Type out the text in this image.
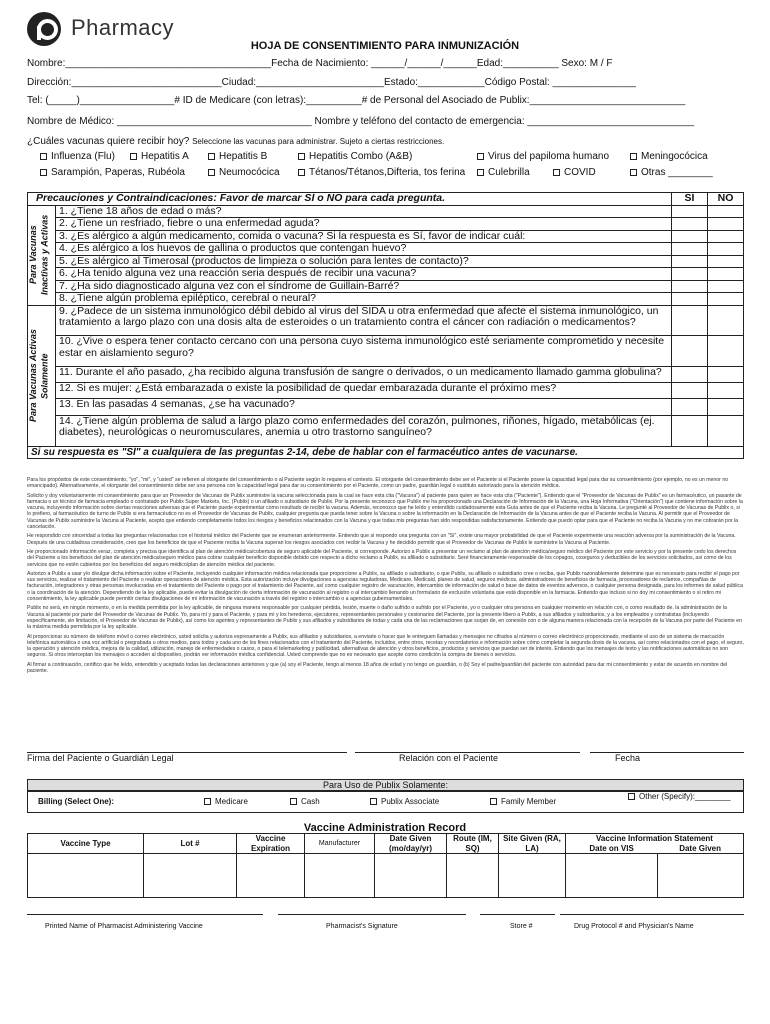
Pharmacy
HOJA DE CONSENTIMIENTO PARA INMUNIZACIÓN
Nombre:_____________________________________Fecha de Nacimiento: ______/______/______Edad:__________ Sexo: M / F
Dirección:___________________________Ciudad:_______________________Estado:____________Código Postal: _______________
Tel: (_____)_________________# ID de Medicare (con letras):__________# de Personal del Asociado de Publix:____________________________
Nombre de Médico: ___________________________________ Nombre y teléfono del contacto de emergencia: ______________________________
¿Cuáles vacunas quiere recibir hoy? Seleccione las vacunas para administrar. Sujeto a ciertas restricciones.
Influenza (Flu)	Hepatitis A	Hepatitis B	Hepatitis Combo (A&B)	Virus del papiloma humano	Meningocócica
Sarampión, Paperas, Rubéola	Neumocócica	Tétanos/Tétanos,Difteria, tos ferina	Culebrilla	COVID	Otras ________
Precauciones y Contraindicaciones: Favor de marcar SÍ o NO para cada pregunta.		SÍ	NO

Para Vacunas Inactivas y Activas	1. ¿Tiene 18 años de edad o más?		
	2. ¿Tiene un resfriado, fiebre o una enfermedad aguda?		
	3. ¿Es alérgico a algún medicamento, comida o vacuna? Si la respuesta es Sí, favor de indicar cuál:		
	4. ¿Es alérgico a los huevos de gallina o productos que contengan huevo?		
	5. ¿Es alérgico al Timerosal (productos de limpieza o solución para lentes de contacto)?		
	6. ¿Ha tenido alguna vez una reacción seria después de recibir una vacuna?		
	7. ¿Ha sido diagnosticado alguna vez con el síndrome de Guillain-Barré?		
	8. ¿Tiene algún problema epiléptico, cerebral o neural?		

Para Vacunas Activas Solamente	9. ¿Padece de un sistema inmunológico débil debido al virus del SIDA u otra enfermedad que afecte el sistema inmunológico, un tratamiento a largo plazo con una dosis alta de esteroides o un tratamiento contra el cáncer con radiación o medicamentos?		
	10. ¿Vive o espera tener contacto cercano con una persona cuyo sistema inmunológico esté seriamente comprometido y necesite estar en aislamiento seguro?		
	11. Durante el año pasado, ¿ha recibido alguna transfusión de sangre o derivados, o un medicamento llamado gamma globulina?		
	12. Si es mujer: ¿Está embarazada o existe la posibilidad de quedar embarazada durante el próximo mes?		
	13. En las pasadas 4 semanas, ¿se ha vacunado?		
	14. ¿Tiene algún problema de salud a largo plazo como enfermedades del corazón, pulmones, riñones, hígado, metabólicas (ej. diabetes), neurológicas o neuromusculares, anemia u otro trastorno sanguíneo?		
Si su respuesta es "SÍ" a cualquiera de las preguntas 2-14, debe de hablar con el farmacéutico antes de vacunarse.			

Para los propósitos de este consentimiento, "yo", "mi", y "usted" se refieren al otorgante del consentimiento o al Paciente según lo requiera el contexto. El otorgante del consentimiento debe ser el Paciente si el Paciente posee la capacidad legal para dar su consentimiento (por ejemplo, no es un menor no emancipado). Alternativamente, el otorgante del consentimiento debe ser una persona con la capacidad legal para dar su consentimiento por el Paciente, como un padre, guardián legal o sustituto autorizado para la atención médica.

Solicito y doy voluntariamente mi consentimiento para que un Proveedor de Vacunas de Publix suministre la vacuna seleccionada para la cual se hace esta cita ("Vacuna") al paciente para quien se hace esta cita ("Paciente"). Entiendo que el "Proveedor de Vacunas de Publix" es un farmacéutico, un pasante de farmacia o un técnico de farmacia empleado o contratado por Publix Super Markets, Inc. (Publix) o un afiliado o subsidiario de Publix. Por la presente reconozco que Publix me ha proporcionado una Declaración de Información de la Vacuna, una Hoja Informativa ("Orientación") que contiene información sobre la vacuna, incluyendo información sobre ciertas reacciones adversas que el Paciente puede experimentar como resultado de recibir la vacuna. Además, reconozco que he leído y entendido cuidadosamente esta Guía antes de que el Paciente reciba la Vacuna. Le pregunté al Proveedor de Vacunas de Publix o, si lo prefiero, al farmacéutico de turno de Publix si era farmacéutico no es el Proveedor de Vacunas de Publix, cualquier pregunta que pueda tener sobre la Vacuna o sobre la información en la Declaración de Información de la Vacuna antes de que el Paciente reciba la Vacuna. Al permitir que el Proveedor de Vacunas de Publix suministre la Vacuna al Paciente, acepto que entiendo completamente todos los riesgos y beneficios relacionados con la Vacuna y que todas mis preguntas han sido respondidas satisfactoriamente. Entiendo que puedo optar para que el Paciente no reciba la Vacuna y no me cobrarán por la cancelación.

He respondido con sinceridad a todas las preguntas relacionadas con el historial médico del Paciente que se enumeran anteriormente. Entiendo que si respondo una pregunta con un "Sí", existe una mayor probabilidad de que el Paciente experimente una reacción adversa por la suministración de la Vacuna. Después de una cuidadosa consideración, creo que los beneficios de que el Paciente reciba la Vacuna superan los riesgos asociados con recibir la Vacuna y he decidido permitir que el Proveedor de Vacunas de Publix le suministre la Vacuna al Paciente.

He proporcionado información veraz, completa y precisa que identifica al plan de atención médica/cobertura de seguro aplicable del Paciente, si corresponde. Autorizo a Publix a presentar un reclamo al plan de atención médica/seguro médico del Paciente por este servicio y por la presente cedo los derechos del Paciente a los beneficios del plan de atención médica/seguro médico para cobrar cualquier beneficio disponible debido con respecto a dicho reclamo a Publix, su afiliado o subsidiario. Seré financieramente responsable de los copagos, coseguros y deducibles de los servicios solicitados, así como de los servicios que no estén cubiertos por los beneficios del seguro médico/plan de atención médica del paciente.

Autorizo a Publix a usar y/o divulgar dicha información sobre el Paciente, incluyendo cualquier información médica relacionada que proporcione a Publix, su afiliado o subsidiario, o que Publix, su afiliado o subsidiario cree o reciba, que Publix razonablemente determine que es necesario para recibir el pago por sus servicios, realizar el tratamiento del Paciente o realizar operaciones de atención médica. Esta autorización incluye divulgaciones a agencias reguladoras, Medicare, Medicaid, planes de salud, seguros médicos, administradores de beneficios de farmacia, procesadores de reclamos, compañías de facturación, integradores y otras personas involucradas en el tratamiento del Paciente o pago por el tratamiento del Paciente, así como cualquier registro de vacunación, intercambio de información de salud o base de datos de eventos adversos, o cualquier persona designada, para los informes de salud pública o la coordinación de la atención. Dependiendo de la ley aplicable, puede evitar la divulgación de cierta información de vacunación al registro o al intercambio llenando un formulario de exclusión voluntaria que está disponible en la farmacia. Entiendo que incluso si no doy mi consentimiento o si retiro mi consentimiento, la ley aplicable puede permitir ciertas divulgaciones de mi información de vacunación a través del registro o intercambio o a agencias gubernamentales.

Publix no será, en ningún momento, o en la medida permitida por la ley aplicable, de ninguna manera responsable por cualquier pérdida, lesión, muerte o daño sufrido o sufrido por el Paciente, yo o cualquier otra persona en cualquier momento en relación con, o como resultado de, la administración de la Vacuna al paciente por parte del Proveedor de Vacunas de Publix. Yo, para mí y para el Paciente, y para mí y los herederos, ejecutores, representantes personales y cesionarios del Paciente, por la presente libero a Publix, a sus afiliados y subsidiarios, y a los empleados y contratistas (incluyendo específicamente, sin limitación, el Proveedor de Vacunas de Publix), así como los agentes y representantes de Publix y sus afiliados y subsidiarios de todas y cada una de las reclamaciones que surjan de, en conexión con o de alguna manera relacionada con la recepción de la Vacuna por parte del Paciente en la máxima medida permitida por la ley aplicable.

Al proporcionar su número de teléfono móvil o correo electrónico, usted solicita y autoriza expresamente a Publix, sus afiliados y subsidiarios, a enviarle o hacer que le entreguen llamadas y mensajes no cifrados al número o correo electrónico proporcionado, mediante el uso de un sistema de marcación telefónica automática o una voz artificial o pregrabada u otros medios, para todos y cada uno de los fines relacionados con el tratamiento del Paciente, incluidos, entre otros, recetas y recordatorios e información sobre cómo completar la segunda dosis de la vacuna, así como relacionados con el pago, el seguro, la operación y atención médica, mejora de la calidad, utilización, manejo de enfermedades o casos, o para el telemarketing y publicidad, alternativas de atención y otros beneficios, productos y servicios que puedan ser de interés. Entiendo que los mensajes de texto y las notificaciones automáticas no son seguros. Si otros interceptan los mensajes o acceden al dispositivo, podrán ver información médica confidencial. Usted comprende que no es necesario que acepte como condición la compra de bienes o servicios.

Al firmar a continuación, certifico que he leído, entendido y aceptado todas las declaraciones anteriores y que (a) soy el Paciente, tengo al menos 18 años de edad y no tengo un guardián, o (b) Soy el padre/guardián del paciente con autoridad para dar mi consentimiento y estar de acuerdo en nombre del paciente.

Firma del Paciente o Guardián Legal	Relación con el Paciente	Fecha
Para Uso de Publix Solamente:
Billing (Select One):	Medicare	Cash	Publix Associate	Family Member
Other (Specify):________
Vaccine Administration Record
Vaccine Type	Lot #	Vaccine Expiration	Manufacturer	Date Given (mo/day/yr)	Route (IM, SQ)	Site Given (RA, LA)	Vaccine Information Statement	
							Date on VIS	Date Given

Printed Name of Pharmacist Administering Vaccine	Pharmacist's Signature	Store #	Drug Protocol # and Physician's Name
